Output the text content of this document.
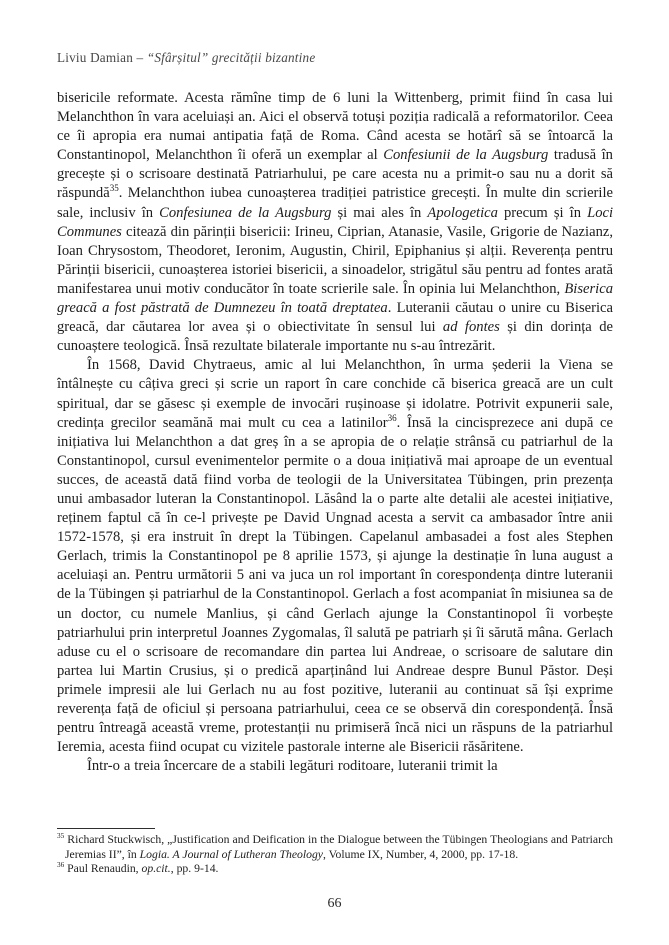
Liviu Damian – “Sfârșitul” grecității bizantine

bisericile reformate. Acesta rămîne timp de 6 luni la Wittenberg, primit fiind în casa lui Melanchthon în vara aceluiași an. Aici el observă totuși poziția radicală a reformatorilor. Ceea ce îi apropia era numai antipatia față de Roma. Când acesta se hotărî să se întoarcă la Constantinopol, Melanchthon îi oferă un exemplar al Confesiunii de la Augsburg tradusă în grecește și o scrisoare destinată Patriarhului, pe care acesta nu a primit-o sau nu a dorit să răspundă$^{35}$. Melanchthon iubea cunoașterea tradiției patristice grecești. În multe din scrierile sale, inclusiv în Confesiunea de la Augsburg și mai ales în Apologetica precum și în Loci Communes citează din părinții bisericii: Irineu, Ciprian, Atanasie, Vasile, Grigorie de Nazianz, Ioan Chrysostom, Theodoret, Ieronim, Augustin, Chiril, Epiphanius și alții. Reverența pentru Părinții bisericii, cunoașterea istoriei bisericii, a sinoadelor, strigătul său pentru ad fontes arată manifestarea unui motiv conducător în toate scrierile sale. În opinia lui Melanchthon, Biserica greacă a fost păstrată de Dumnezeu în toată dreptatea. Luteranii căutau o unire cu Biserica greacă, dar căutarea lor avea și o obiectivitate în sensul lui ad fontes și din dorința de cunoaștere teologică. Însă rezultate bilaterale importante nu s-au întrezărit.

În 1568, David Chytraeus, amic al lui Melanchthon, în urma șederii la Viena se întâlnește cu câțiva greci și scrie un raport în care conchide că biserica greacă are un cult spiritual, dar se găsesc și exemple de invocări rușinoase și idolatre. Potrivit expunerii sale, credința grecilor seamănă mai mult cu cea a latinilor$^{36}$. Însă la cincisprezece ani după ce inițiativa lui Melanchthon a dat greș în a se apropia de o relație strânsă cu patriarhul de la Constantinopol, cursul evenimentelor permite o a doua inițiativă mai aproape de un eventual succes, de această dată fiind vorba de teologii de la Universitatea Tübingen, prin prezența unui ambasador luteran la Constantinopol. Lăsând la o parte alte detalii ale acestei inițiative, reținem faptul că în ce-l privește pe David Ungnad acesta a servit ca ambasador între anii 1572-1578, și era instruit în drept la Tübingen. Capelanul ambasadei a fost ales Stephen Gerlach, trimis la Constantinopol pe 8 aprilie 1573, și ajunge la destinație în luna august a aceluiași an. Pentru următorii 5 ani va juca un rol important în corespondența dintre luteranii de la Tübingen și patriarhul de la Constantinopol. Gerlach a fost acompaniat în misiunea sa de un doctor, cu numele Manlius, și când Gerlach ajunge la Constantinopol îi vorbește patriarhului prin interpretul Joannes Zygomalas, îl salută pe patriarh și îi sărută mâna. Gerlach aduse cu el o scrisoare de recomandare din partea lui Andreae, o scrisoare de salutare din partea lui Martin Crusius, și o predică aparținând lui Andreae despre Bunul Păstor. Deși primele impresii ale lui Gerlach nu au fost pozitive, luteranii au continuat să își exprime reverența față de oficiul și persoana patriarhului, ceea ce se observă din corespondență. Însă pentru întreagă această vreme, protestanții nu primiseră încă nici un răspuns de la patriarhul Ieremia, acesta fiind ocupat cu vizitele pastorale interne ale Bisericii răsăritene.

Într-o a treia încercare de a stabili legături roditoare, luteranii trimit la

$^{35}$ Richard Stuckwisch, „Justification and Deification in the Dialogue between the Tübingen Theologians and Patriarch Jeremias II”, în Logia. A Journal of Lutheran Theology, Volume IX, Number, 4, 2000, pp. 17-18.

$^{36}$ Paul Renaudin, op.cit., pp. 9-14.

66
